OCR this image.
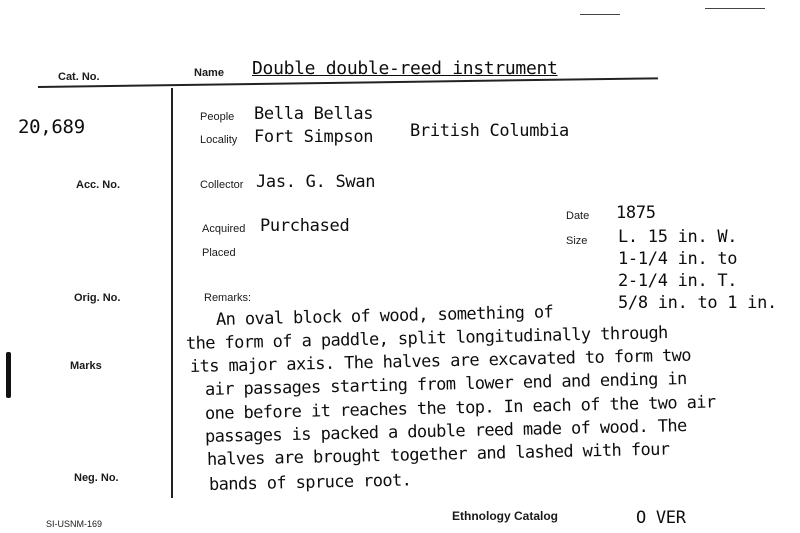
Cat. No.	Name Double double-reed instrument
20,689
Acc. No.
Orig. No.
Marks
Neg. No.
SI-USNM-169
People Bella Bellas
Locality Fort Simpson British Columbia
Collector Jas. G. Swan
Acquired Purchased
Placed
Date 1875
Size L. 15 in. W.
1-1/4 in. to
2-1/4 in. T.
5/8 in. to 1 in.
Remarks:
An oval block of wood, something of
the form of a paddle, split longitudinally through
its major axis. The halves are excavated to form two
air passages starting from lower end and ending in
one before it reaches the top. In each of the two air
passages is packed a double reed made of wood. The
halves are brought together and lashed with four
bands of spruce root.
Ethnology Catalog	O VER
